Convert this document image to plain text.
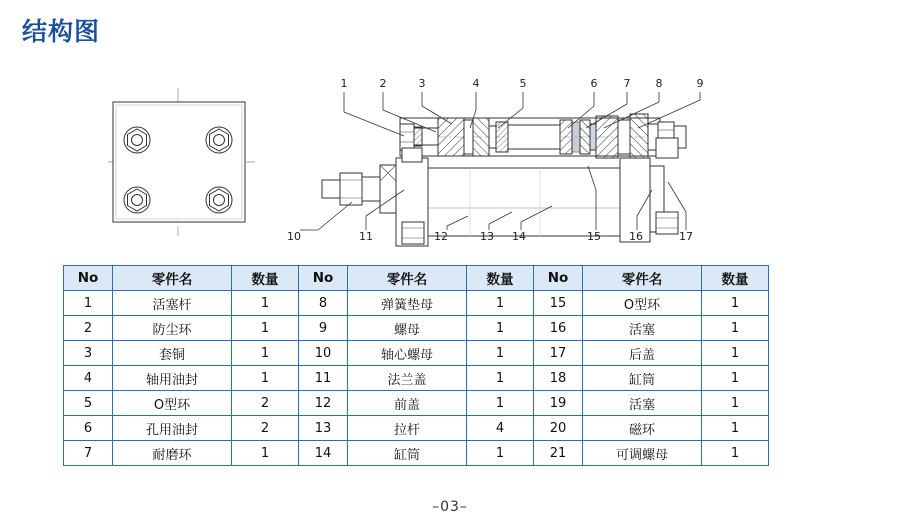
结构图
1	2	3	4	5	6 7 8	9
10	11	12	13 14	15	16	17
No	零件名	数量	No	零件名	数量	No	零件名	数量
1	活塞杆	1	8	弹簧垫母	1	15	O型环	1
2	防尘环	1	9	螺母	1	16	活塞	1
3	套铜	1	10	轴心螺母	1	17	后盖	1
4	轴用油封	1	11	法兰盖	1	18	缸筒	1
5	O型环	2	12	前盖	1	19	活塞	1
6	孔用油封	2	13	拉杆	4	20	磁环	1
7	耐磨环	1	14	缸筒	1	21	可调螺母	1
–03–
